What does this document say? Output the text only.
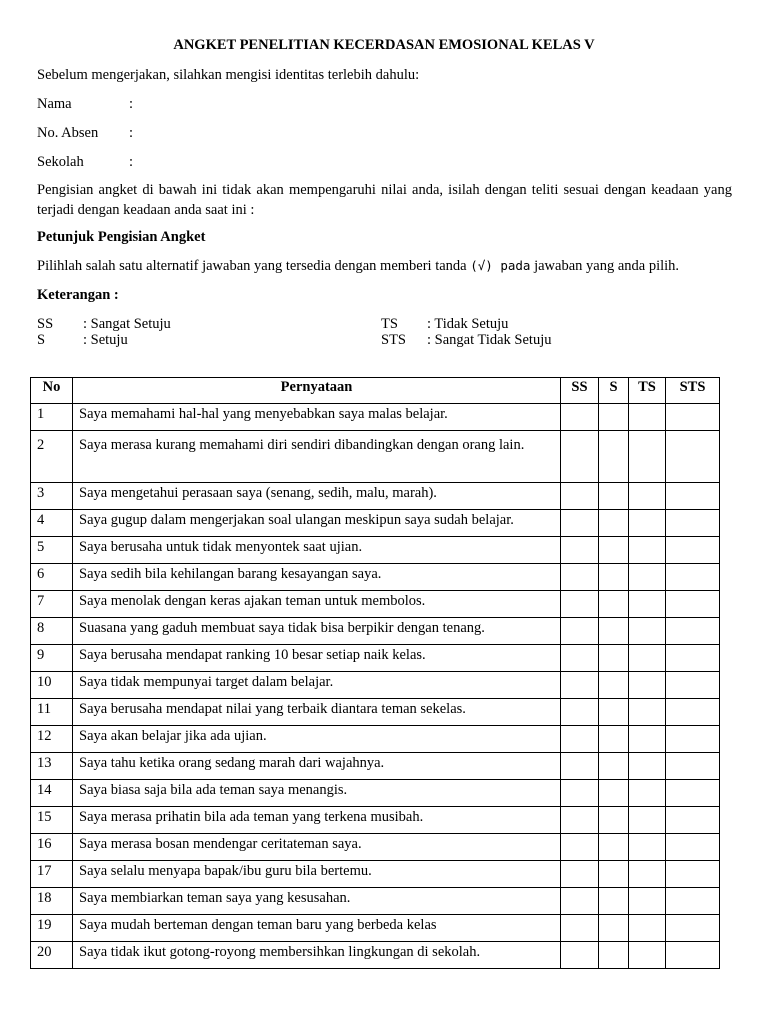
ANGKET PENELITIAN KECERDASAN EMOSIONAL KELAS V
Sebelum mengerjakan, silahkan mengisi identitas terlebih dahulu:
Nama	:
No. Absen :
Sekolah	:
Pengisian angket di bawah ini tidak akan mempengaruhi nilai anda, isilah dengan teliti sesuai dengan keadaan yang terjadi dengan keadaan anda saat ini :
Petunjuk Pengisian Angket
Pilihlah salah satu alternatif jawaban yang tersedia dengan memberi tanda (√) pada jawaban yang anda pilih.
Keterangan :
SS : Sangat Setuju
S	: Setuju
TS : Tidak Setuju
STS : Sangat Tidak Setuju
No	Pernyataan	SS	S	TS	STS
1	Saya memahami hal-hal yang menyebabkan saya malas belajar.				
2	Saya merasa kurang memahami diri sendiri dibandingkan dengan orang lain.				
3	Saya mengetahui perasaan saya (senang, sedih, malu, marah).				
4	Saya gugup dalam mengerjakan soal ulangan meskipun saya sudah belajar.				
5	Saya berusaha untuk tidak menyontek saat ujian.				
6	Saya sedih bila kehilangan barang kesayangan saya.				
7	Saya menolak dengan keras ajakan teman untuk membolos.				
8	Suasana yang gaduh membuat saya tidak bisa berpikir dengan tenang.				
9	Saya berusaha mendapat ranking 10 besar setiap naik kelas.				
10	Saya tidak mempunyai target dalam belajar.				
11	Saya berusaha mendapat nilai yang terbaik diantara teman sekelas.				
12	Saya akan belajar jika ada ujian.				
13	Saya tahu ketika orang sedang marah dari wajahnya.				
14	Saya biasa saja bila ada teman saya menangis.				
15	Saya merasa prihatin bila ada teman yang terkena musibah.				
16	Saya merasa bosan mendengar ceritateman saya.				
17	Saya selalu menyapa bapak/ibu guru bila bertemu.				
18	Saya membiarkan teman saya yang kesusahan.				
19	Saya mudah berteman dengan teman baru yang berbeda kelas				
20	Saya tidak ikut gotong-royong membersihkan lingkungan di sekolah.				
